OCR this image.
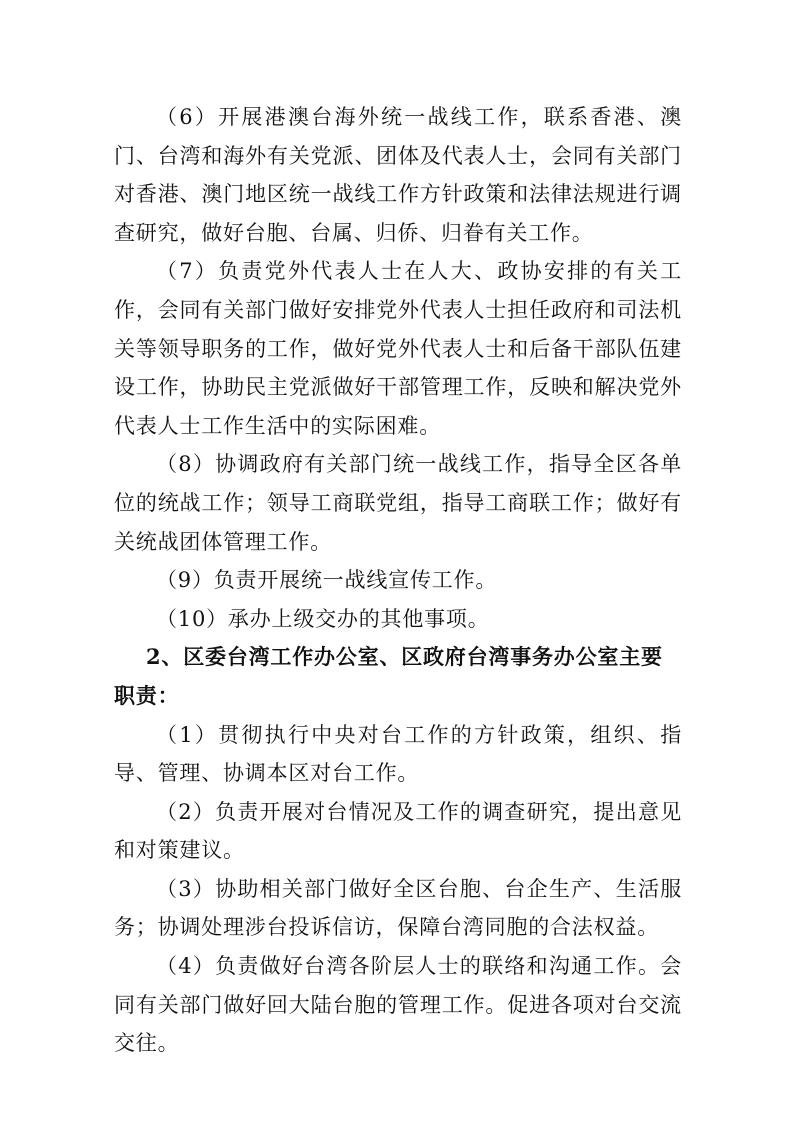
（6）开展港澳台海外统一战线工作，联系香港、澳门、台湾和海外有关党派、团体及代表人士，会同有关部门对香港、澳门地区统一战线工作方针政策和法律法规进行调查研究，做好台胞、台属、归侨、归眷有关工作。

（7）负责党外代表人士在人大、政协安排的有关工作，会同有关部门做好安排党外代表人士担任政府和司法机关等领导职务的工作，做好党外代表人士和后备干部队伍建设工作，协助民主党派做好干部管理工作，反映和解决党外代表人士工作生活中的实际困难。

（8）协调政府有关部门统一战线工作，指导全区各单位的统战工作；领导工商联党组，指导工商联工作；做好有关统战团体管理工作。

（9）负责开展统一战线宣传工作。

（10）承办上级交办的其他事项。

2、区委台湾工作办公室、区政府台湾事务办公室主要职责：

（1）贯彻执行中央对台工作的方针政策，组织、指导、管理、协调本区对台工作。

（2）负责开展对台情况及工作的调查研究，提出意见和对策建议。

（3）协助相关部门做好全区台胞、台企生产、生活服务；协调处理涉台投诉信访，保障台湾同胞的合法权益。

（4）负责做好台湾各阶层人士的联络和沟通工作。会同有关部门做好回大陆台胞的管理工作。促进各项对台交流交往。
